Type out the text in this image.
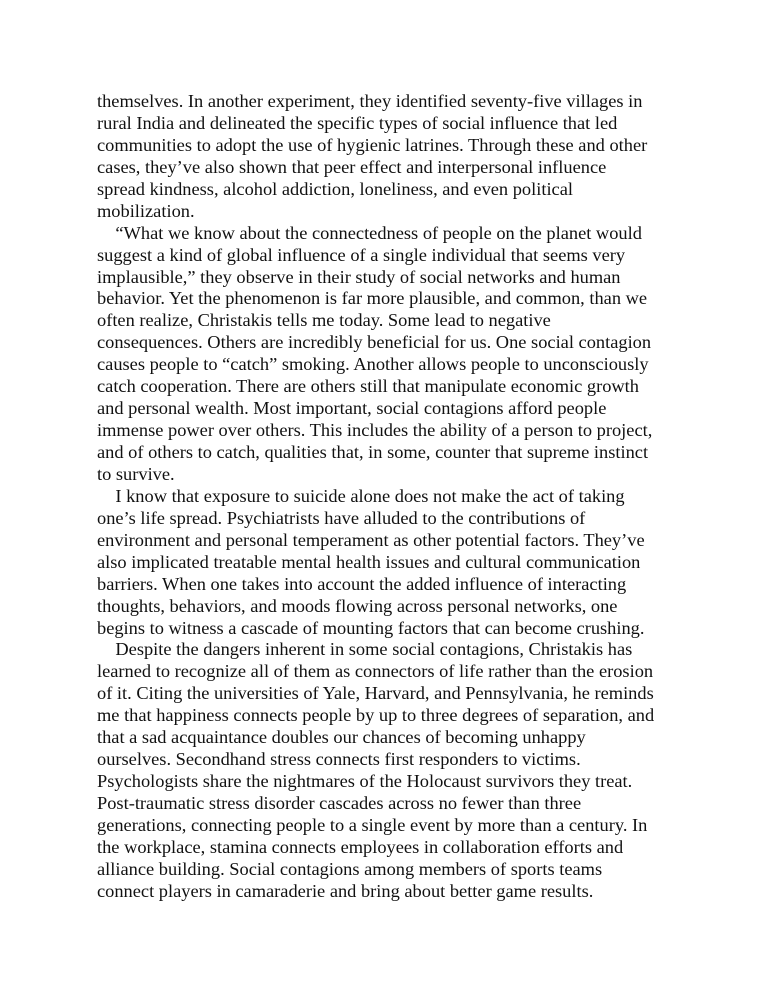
themselves. In another experiment, they identified seventy-five villages in
rural India and delineated the specific types of social influence that led
communities to adopt the use of hygienic latrines. Through these and other
cases, they’ve also shown that peer effect and interpersonal influence
spread kindness, alcohol addiction, loneliness, and even political
mobilization.
“What we know about the connectedness of people on the planet would
suggest a kind of global influence of a single individual that seems very
implausible,” they observe in their study of social networks and human
behavior. Yet the phenomenon is far more plausible, and common, than we
often realize, Christakis tells me today. Some lead to negative
consequences. Others are incredibly beneficial for us. One social contagion
causes people to “catch” smoking. Another allows people to unconsciously
catch cooperation. There are others still that manipulate economic growth
and personal wealth. Most important, social contagions afford people
immense power over others. This includes the ability of a person to project,
and of others to catch, qualities that, in some, counter that supreme instinct
to survive.
I know that exposure to suicide alone does not make the act of taking
one’s life spread. Psychiatrists have alluded to the contributions of
environment and personal temperament as other potential factors. They’ve
also implicated treatable mental health issues and cultural communication
barriers. When one takes into account the added influence of interacting
thoughts, behaviors, and moods flowing across personal networks, one
begins to witness a cascade of mounting factors that can become crushing.
Despite the dangers inherent in some social contagions, Christakis has
learned to recognize all of them as connectors of life rather than the erosion
of it. Citing the universities of Yale, Harvard, and Pennsylvania, he reminds
me that happiness connects people by up to three degrees of separation, and
that a sad acquaintance doubles our chances of becoming unhappy
ourselves. Secondhand stress connects first responders to victims.
Psychologists share the nightmares of the Holocaust survivors they treat.
Post-traumatic stress disorder cascades across no fewer than three
generations, connecting people to a single event by more than a century. In
the workplace, stamina connects employees in collaboration efforts and
alliance building. Social contagions among members of sports teams
connect players in camaraderie and bring about better game results.
